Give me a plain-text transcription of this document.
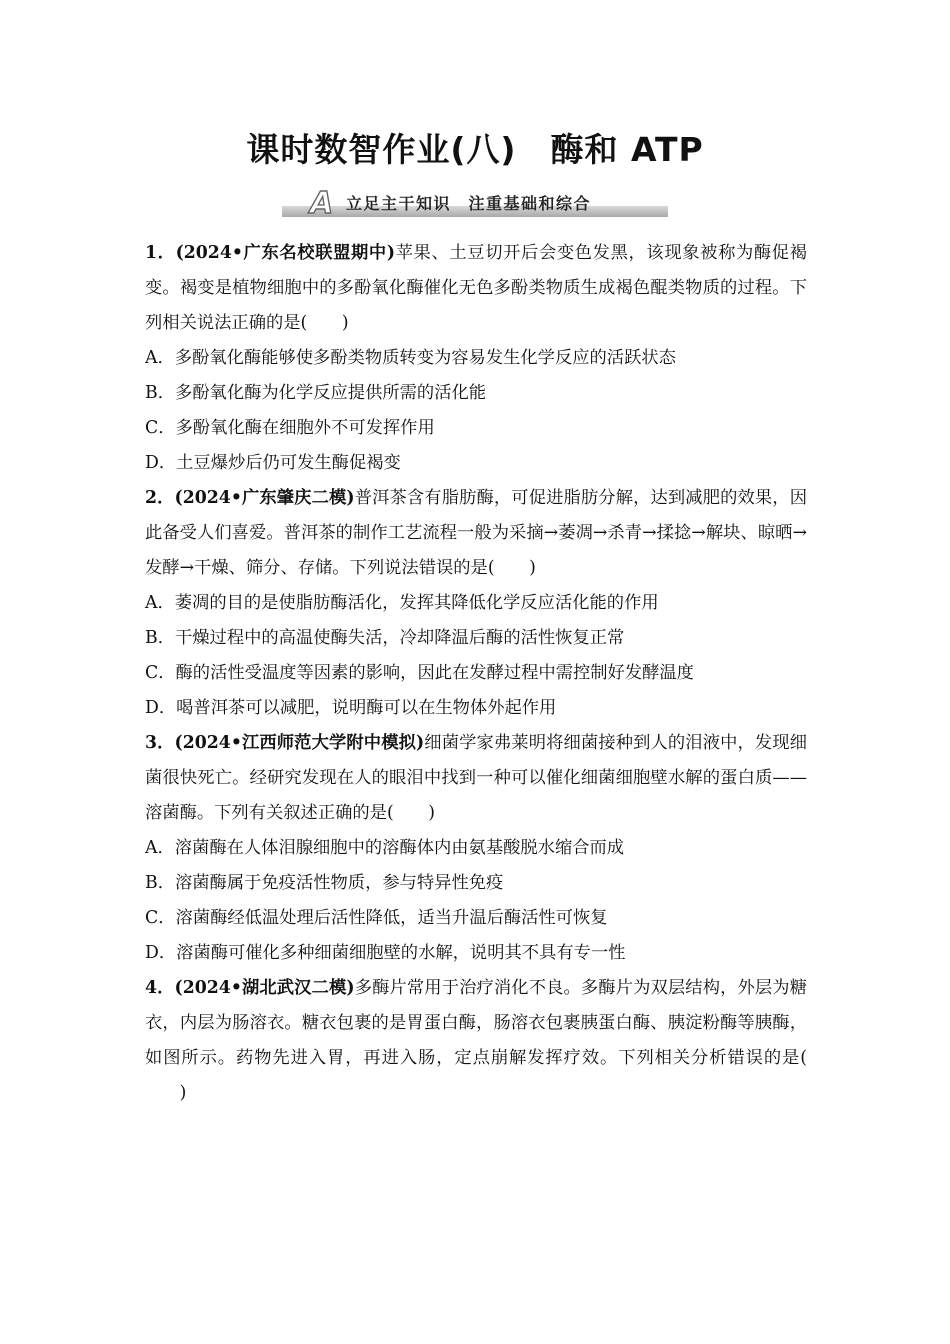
课时数智作业(八)　酶和 ATP
A 立足主干知识　注重基础和综合

1．(2024•广东名校联盟期中)苹果、土豆切开后会变色发黑，该现象被称为酶促褐变。褐变是植物细胞中的多酚氧化酶催化无色多酚类物质生成褐色醌类物质的过程。下列相关说法正确的是( )

A．多酚氧化酶能够使多酚类物质转变为容易发生化学反应的活跃状态

B．多酚氧化酶为化学反应提供所需的活化能

C．多酚氧化酶在细胞外不可发挥作用

D．土豆爆炒后仍可发生酶促褐变

2．(2024•广东肇庆二模)普洱茶含有脂肪酶，可促进脂肪分解，达到减肥的效果，因此备受人们喜爱。普洱茶的制作工艺流程一般为采摘→萎凋→杀青→揉捻→解块、晾晒→发酵→干燥、筛分、存储。下列说法错误的是( )

A．萎凋的目的是使脂肪酶活化，发挥其降低化学反应活化能的作用

B．干燥过程中的高温使酶失活，冷却降温后酶的活性恢复正常

C．酶的活性受温度等因素的影响，因此在发酵过程中需控制好发酵温度

D．喝普洱茶可以减肥，说明酶可以在生物体外起作用

3．(2024•江西师范大学附中模拟)细菌学家弗莱明将细菌接种到人的泪液中，发现细菌很快死亡。经研究发现在人的眼泪中找到一种可以催化细菌细胞壁水解的蛋白质——溶菌酶。下列有关叙述正确的是( )

A．溶菌酶在人体泪腺细胞中的溶酶体内由氨基酸脱水缩合而成

B．溶菌酶属于免疫活性物质，参与特异性免疫

C．溶菌酶经低温处理后活性降低，适当升温后酶活性可恢复

D．溶菌酶可催化多种细菌细胞壁的水解，说明其不具有专一性

4．(2024•湖北武汉二模)多酶片常用于治疗消化不良。多酶片为双层结构，外层为糖衣，内层为肠溶衣。糖衣包裹的是胃蛋白酶，肠溶衣包裹胰蛋白酶、胰淀粉酶等胰酶，如图所示。药物先进入胃，再进入肠，定点崩解发挥疗效。下列相关分析错误的是()
